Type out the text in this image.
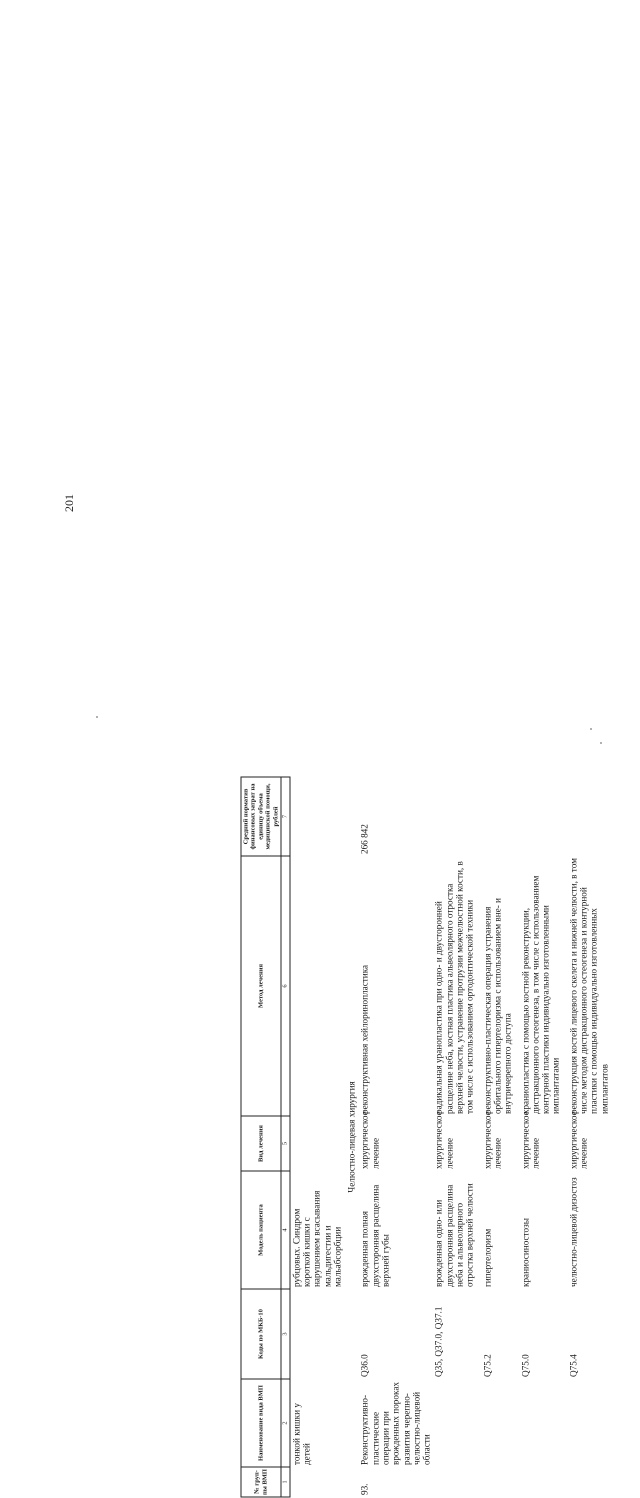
201
№ груп-пы ВМП	Наименование вида ВМП	Коды по МКБ-10	Модель пациента	Вид лечения	Метод лечения	Средний норматив финансовых затрат на единицу объема медицинской помощи, рублей
1	2	3	4	5	6	7
	тонкой кишки у детей		рубцовых. Синдром короткой кишки с нарушением всасывания мальдигестии и мальабсорбции			
Челюстно-лицевая хирургия						
93.	Реконструктивно-пластические операции при врожденных пороках развития черепно-челюстно-лицевой области	Q36.0	врожденная полная двухсторонняя расщелина верхней губы	хирургическое лечение	реконструктивная хейлоринопластика	266 842
		Q35, Q37.0, Q37.1	врожденная одно- или двухсторонняя расщелина неба и альвеолярного отростка верхней челюсти	хирургическое лечение	радикальная уранопластика при одно- и двусторонней расщелине неба, костная пластика альвеолярного отростка верхней челюсти, устранение протрузии межчелюстной кости, в том числе с использованием ортодонтической техники	

		Q75.2	гипертелоризм	хирургическое лечение	реконструктивно-пластическая операция устранения орбитального гипертелоризма с использованием вне- и внутричерепного доступа	

		Q75.0	краниосиностозы	хирургическое лечение	краниопластика с помощью костной реконструкции, дистракционного остеогенеза, в том числе с использованием контурной пластики индивидуально изготовленными имплантатами	

		Q75.4	челюстно-лицевой дизостоз	хирургическое лечение	реконструкция костей лицевого скелета и нижней челюсти, в том числе методом дистракционного остеогенеза и контурной пластики с помощью индивидуально изготовленных имплантатов	
